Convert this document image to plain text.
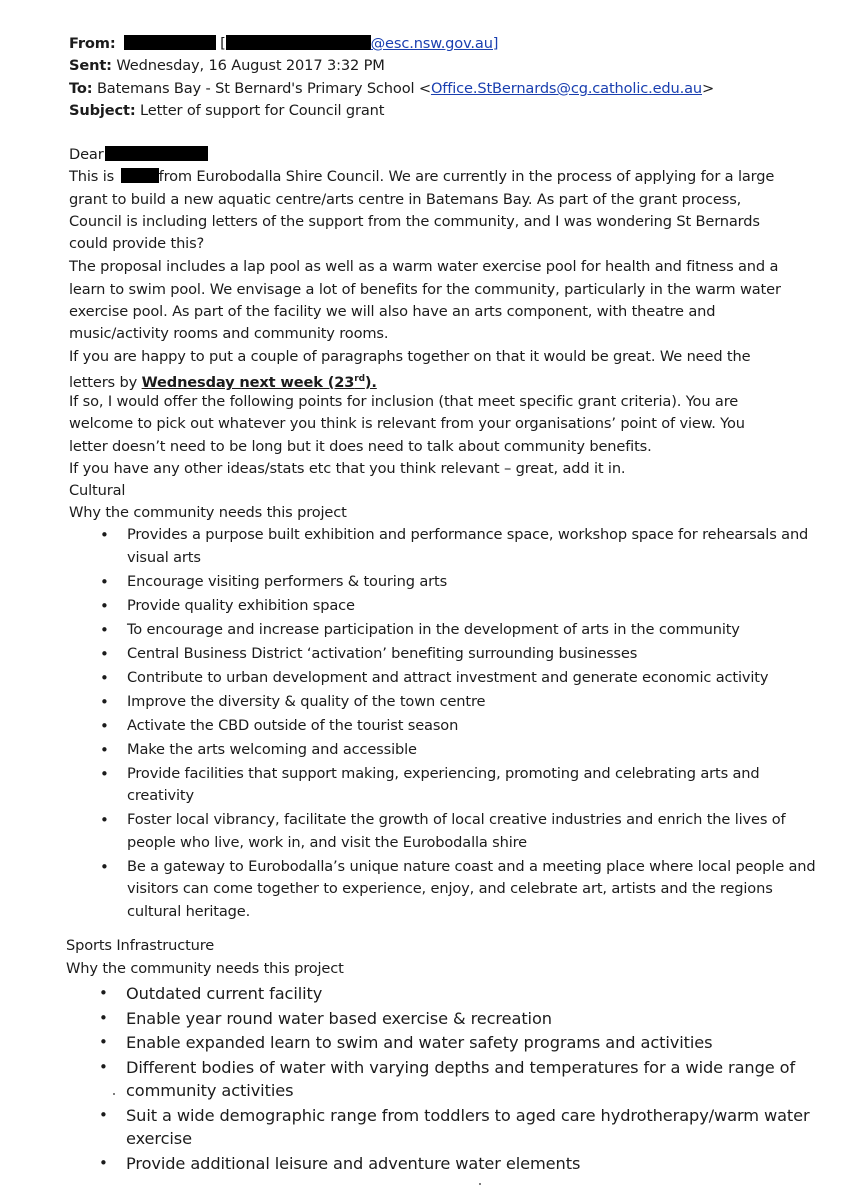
From:	[	@esc.nsw.gov.au]
Sent: Wednesday, 16 August 2017 3:32 PM
To: Batemans Bay - St Bernard's Primary School <Office.StBernards@cg.catholic.edu.au>
Subject: Letter of support for Council grant
Dear
This is	from Eurobodalla Shire Council. We are currently in the process of applying for a large
grant to build a new aquatic centre/arts centre in Batemans Bay. As part of the grant process,
Council is including letters of the support from the community, and I was wondering St Bernards
could provide this?
The proposal includes a lap pool as well as a warm water exercise pool for health and fitness and a
learn to swim pool. We envisage a lot of benefits for the community, particularly in the warm water
exercise pool. As part of the facility we will also have an arts component, with theatre and
music/activity rooms and community rooms.
If you are happy to put a couple of paragraphs together on that it would be great. We need the
letters by Wednesday next week (23rd).
If so, I would offer the following points for inclusion (that meet specific grant criteria). You are
welcome to pick out whatever you think is relevant from your organisations’ point of view. You
letter doesn’t need to be long but it does need to talk about community benefits.
If you have any other ideas/stats etc that you think relevant – great, add it in.
Cultural
Why the community needs this project
• Provides a purpose built exhibition and performance space, workshop space for rehearsals and visual arts
• Encourage visiting performers & touring arts
• Provide quality exhibition space
• To encourage and increase participation in the development of arts in the community
• Central Business District ‘activation’ benefiting surrounding businesses
• Contribute to urban development and attract investment and generate economic activity
• Improve the diversity & quality of the town centre
• Activate the CBD outside of the tourist season
• Make the arts welcoming and accessible
• Provide facilities that support making, experiencing, promoting and celebrating arts and creativity
• Foster local vibrancy, facilitate the growth of local creative industries and enrich the lives of people who live, work in, and visit the Eurobodalla shire
• Be a gateway to Eurobodalla’s unique nature coast and a meeting place where local people and visitors can come together to experience, enjoy, and celebrate art, artists and the regions cultural heritage.
Sports Infrastructure
Why the community needs this project
• Outdated current facility
• Enable year round water based exercise & recreation
• Enable expanded learn to swim and water safety programs and activities
• Different bodies of water with varying depths and temperatures for a wide range of community activities
• Suit a wide demographic range from toddlers to aged care hydrotherapy/warm water exercise
• Provide additional leisure and adventure water elements
